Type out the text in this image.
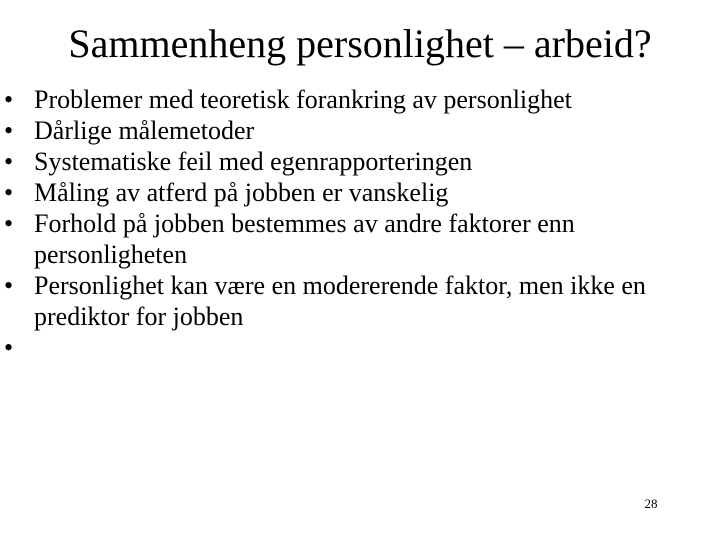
Sammenheng personlighet – arbeid?
• Problemer med teoretisk forankring av personlighet
• Dårlige målemetoder
• Systematiske feil med egenrapporteringen
• Måling av atferd på jobben er vanskelig
• Forhold på jobben bestemmes av andre faktorer enn personligheten
• Personlighet kan være en modererende faktor, men ikke en prediktor for jobben
•
28
